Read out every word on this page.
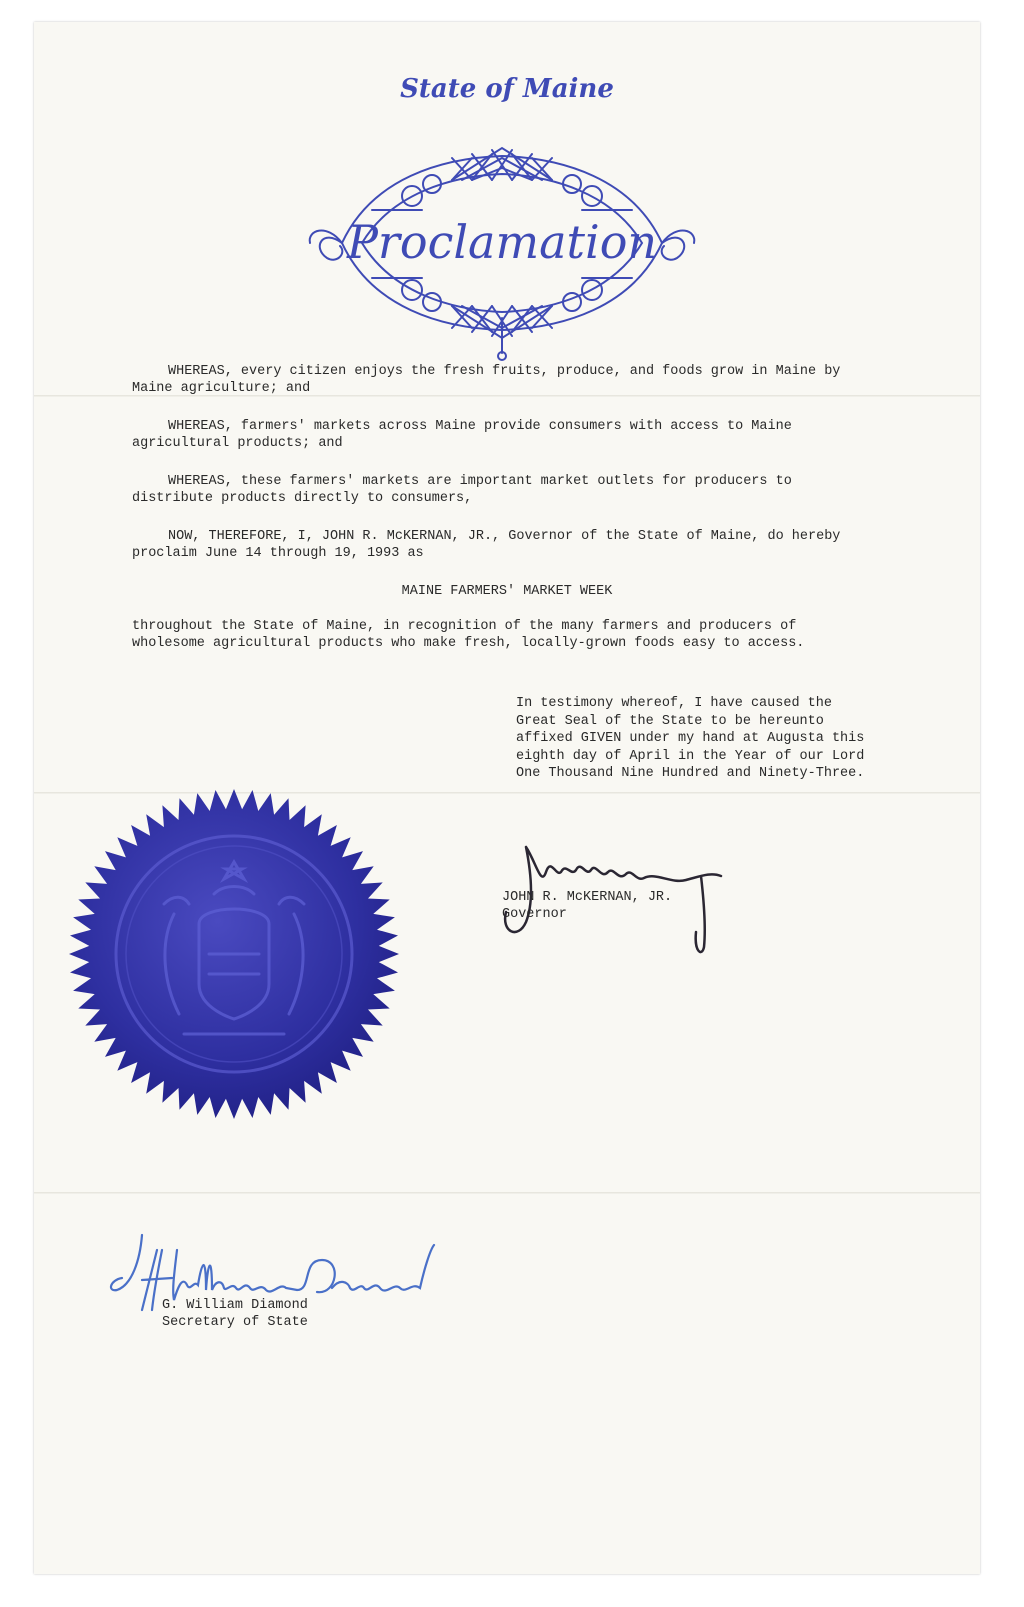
State of Maine
Proclamation

WHEREAS, every citizen enjoys the fresh fruits, produce, and foods grow in Maine by Maine agriculture; and

WHEREAS, farmers' markets across Maine provide consumers with access to Maine agricultural products; and

WHEREAS, these farmers' markets are important market outlets for producers to distribute products directly to consumers,

NOW, THEREFORE, I, JOHN R. McKERNAN, JR., Governor of the State of Maine, do hereby proclaim June 14 through 19, 1993 as

MAINE FARMERS' MARKET WEEK

throughout the State of Maine, in recognition of the many farmers and producers of wholesome agricultural products who make fresh, locally-grown foods easy to access.

In testimony whereof, I have caused the Great Seal of the State to be hereunto affixed GIVEN under my hand at Augusta this eighth day of April in the Year of our Lord One Thousand Nine Hundred and Ninety-Three.

JOHN R. McKERNAN, JR.
Governor
G. William Diamond
Secretary of State
